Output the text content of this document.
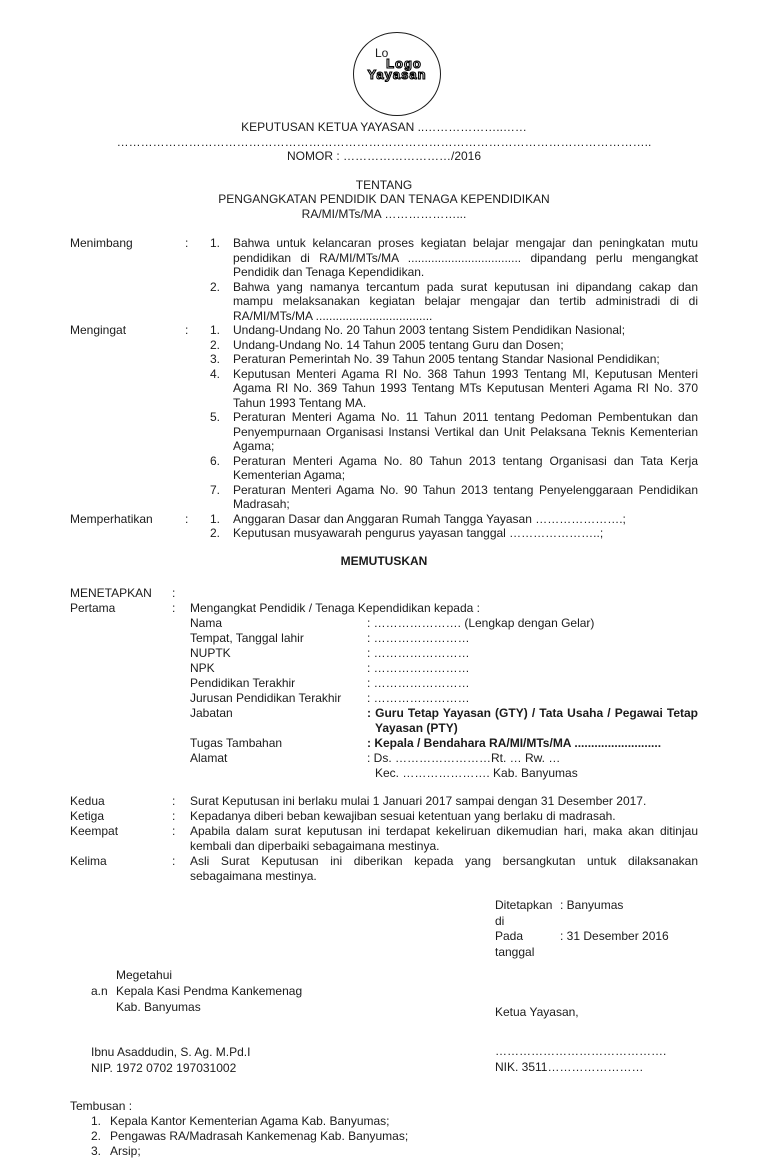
Lo
Logo
Yayasan
KEPUTUSAN KETUA YAYASAN ..………………..……
……………………………………………………………………………………………………………………..
NOMOR : ………………………/2016
TENTANG
PENGANGKATAN PENDIDIK DAN TENAGA KEPENDIDIKAN
RA/MI/MTs/MA ………………...
Menimbang	:	1.	Bahwa untuk kelancaran proses kegiatan belajar mengajar dan peningkatan mutu pendidikan di RA/MI/MTs/MA .................................. dipandang perlu mengangkat Pendidik dan Tenaga Kependidikan.
2.	Bahwa yang namanya tercantum pada surat keputusan ini dipandang cakap dan mampu melaksanakan kegiatan belajar mengajar dan tertib administradi di di RA/MI/MTs/MA ...................................
Mengingat	:	1.	Undang-Undang No. 20 Tahun 2003 tentang Sistem Pendidikan Nasional;
2.	Undang-Undang No. 14 Tahun 2005 tentang Guru dan Dosen;
3.	Peraturan Pemerintah No. 39 Tahun 2005 tentang Standar Nasional Pendidikan;
4.	Keputusan Menteri Agama RI No. 368 Tahun 1993 Tentang MI, Keputusan Menteri Agama RI No. 369 Tahun 1993 Tentang MTs Keputusan Menteri Agama RI No. 370 Tahun 1993 Tentang MA.
5.	Peraturan Menteri Agama No. 11 Tahun 2011 tentang Pedoman Pembentukan dan Penyempurnaan Organisasi Instansi Vertikal dan Unit Pelaksana Teknis Kementerian Agama;
6.	Peraturan Menteri Agama No. 80 Tahun 2013 tentang Organisasi dan Tata Kerja Kementerian Agama;
7.	Peraturan Menteri Agama No. 90 Tahun 2013 tentang Penyelenggaraan Pendidikan Madrasah;
Memperhatikan	:	1.	Anggaran Dasar dan Anggaran Rumah Tangga Yayasan ………………….;
2.	Keputusan musyawarah pengurus yayasan tanggal …………………..;
MEMUTUSKAN
MENETAPKAN	:
Pertama	:	Mengangkat Pendidik / Tenaga Kependidikan kepada :
Nama	: …………………. (Lengkap dengan Gelar)
Tempat, Tanggal lahir	: ……………………
NUPTK	: ……………………
NPK	: ……………………
Pendidikan Terakhir	: ……………………
Jurusan Pendidikan Terakhir	: ……………………
Jabatan	: Guru Tetap Yayasan (GTY) / Tata Usaha / Pegawai Tetap Yayasan (PTY)
Tugas Tambahan	: Kepala / Bendahara RA/MI/MTs/MA ..........................
Alamat	: Ds. ……………………Rt. … Rw. …
Kec. …………………. Kab. Banyumas
Kedua	:	Surat Keputusan ini berlaku mulai 1 Januari 2017 sampai dengan 31 Desember 2017.
Ketiga	:	Kepadanya diberi beban kewajiban sesuai ketentuan yang berlaku di madrasah.
Keempat	:	Apabila dalam surat keputusan ini terdapat kekeliruan dikemudian hari, maka akan ditinjau kembali dan diperbaiki sebagaimana mestinya.
Kelima	:	Asli Surat Keputusan ini diberikan kepada yang bersangkutan untuk dilaksanakan sebagaimana mestinya.
Ditetapkan di
: Banyumas
Pada tanggal
: 31 Desember 2016
Megetahui
a.n Kepala Kasi Pendma Kankemenag
Kab. Banyumas
Ibnu Asaddudin, S. Ag. M.Pd.I
NIP. 1972 0702 197031002
Ketua Yayasan,
…………………………………….
NIK. 3511……………………
Tembusan :
1. Kepala Kantor Kementerian Agama Kab. Banyumas;
2. Pengawas RA/Madrasah Kankemenag Kab. Banyumas;
3. Arsip;
